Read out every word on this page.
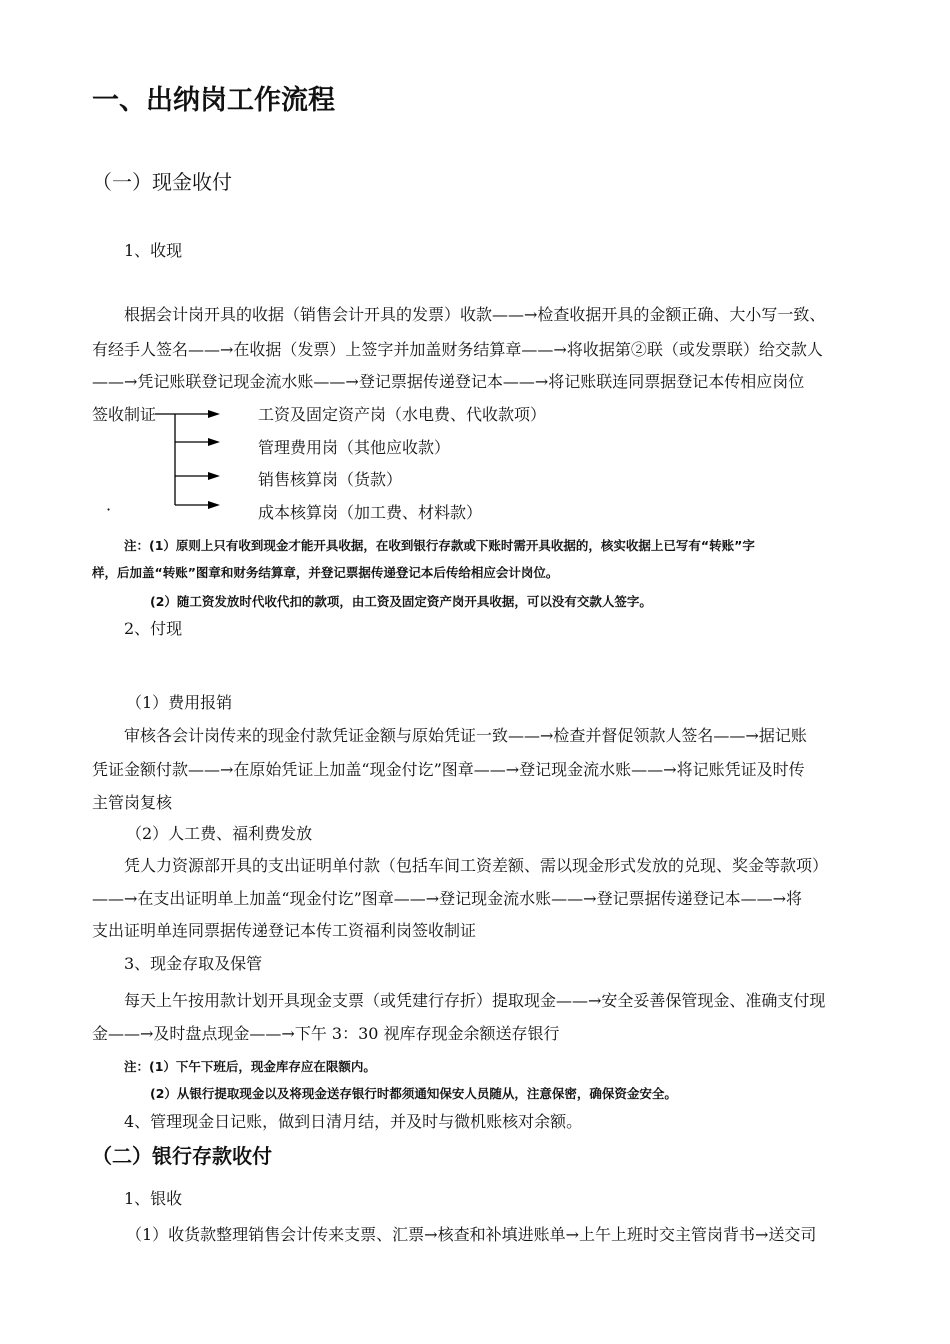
一、出纳岗工作流程
（一）现金收付
1、收现
根据会计岗开具的收据（销售会计开具的发票）收款——→检查收据开具的金额正确、大小写一致、
有经手人签名——→在收据（发票）上签字并加盖财务结算章——→将收据第②联（或发票联）给交款人
——→凭记账联登记现金流水账——→登记票据传递登记本——→将记账联连同票据登记本传相应岗位
签收制证	工资及固定资产岗（水电费、代收款项）
管理费用岗（其他应收款）
销售核算岗（货款）
成本核算岗（加工费、材料款）
·
注：(1）原则上只有收到现金才能开具收据，在收到银行存款或下账时需开具收据的，核实收据上已写有“转账”字
样，后加盖“转账”图章和财务结算章，并登记票据传递登记本后传给相应会计岗位。
(2）随工资发放时代收代扣的款项，由工资及固定资产岗开具收据，可以没有交款人签字。
2、付现
（1）费用报销
审核各会计岗传来的现金付款凭证金额与原始凭证一致——→检查并督促领款人签名——→据记账
凭证金额付款——→在原始凭证上加盖“现金付讫”图章——→登记现金流水账——→将记账凭证及时传
主管岗复核
（2）人工费、福利费发放
凭人力资源部开具的支出证明单付款（包括车间工资差额、需以现金形式发放的兑现、奖金等款项）
——→在支出证明单上加盖“现金付讫”图章——→登记现金流水账——→登记票据传递登记本——→将
支出证明单连同票据传递登记本传工资福利岗签收制证
3、现金存取及保管
每天上午按用款计划开具现金支票（或凭建行存折）提取现金——→安全妥善保管现金、准确支付现
金——→及时盘点现金——→下午 3：30 视库存现金余额送存银行
注：(1）下午下班后，现金库存应在限额内。
(2）从银行提取现金以及将现金送存银行时都须通知保安人员随从，注意保密，确保资金安全。
4、管理现金日记账，做到日清月结，并及时与微机账核对余额。
（二）银行存款收付
1、银收
（1）收货款整理销售会计传来支票、汇票→核查和补填进账单→上午上班时交主管岗背书→送交司
